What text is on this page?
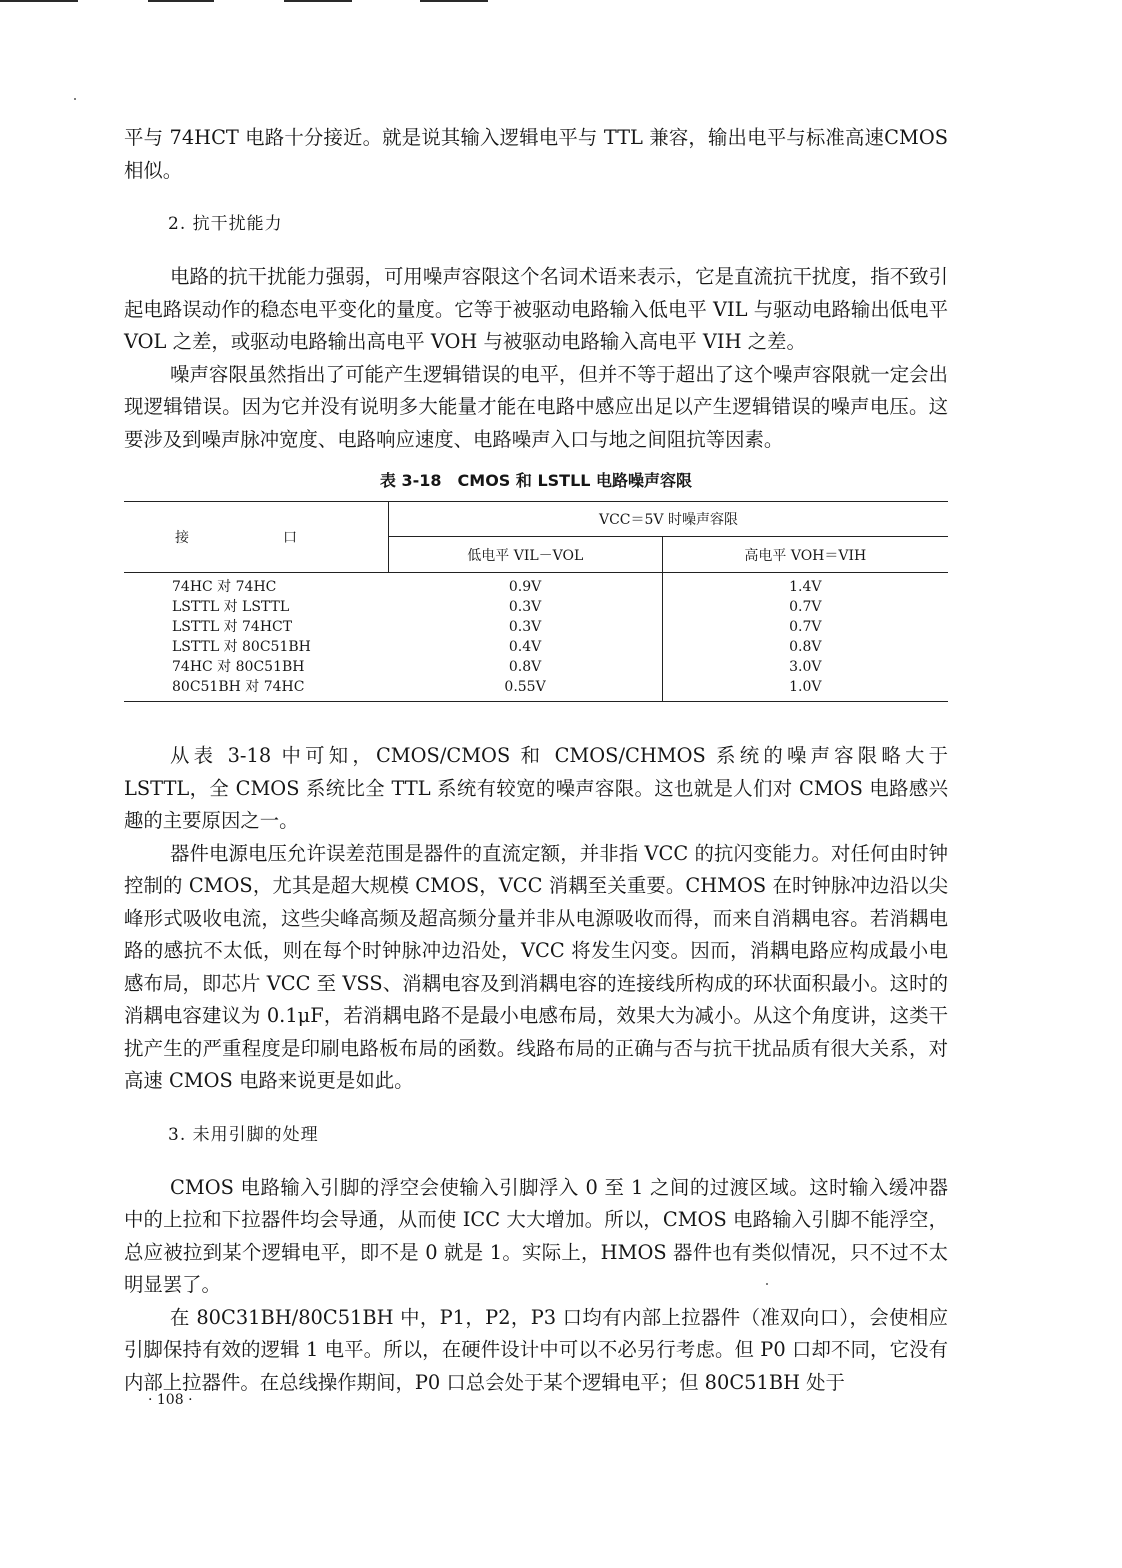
平与 74HCT 电路十分接近。就是说其输入逻辑电平与 TTL 兼容，输出电平与标准高速CMOS 相似。

2. 抗干扰能力

电路的抗干扰能力强弱，可用噪声容限这个名词术语来表示，它是直流抗干扰度，指不致引起电路误动作的稳态电平变化的量度。它等于被驱动电路输入低电平 VIL 与驱动电路输出低电平 VOL 之差，或驱动电路输出高电平 VOH 与被驱动电路输入高电平 VIH 之差。

噪声容限虽然指出了可能产生逻辑错误的电平，但并不等于超出了这个噪声容限就一定会出现逻辑错误。因为它并没有说明多大能量才能在电路中感应出足以产生逻辑错误的噪声电压。这要涉及到噪声脉冲宽度、电路响应速度、电路噪声入口与地之间阻抗等因素。

表 3-18　CMOS 和 LSTLL 电路噪声容限
接　口	VCC＝5V 时噪声容限	
	低电平 VIL－VOL	高电平 VOH＝VIH
74HC 对 74HC	0.9V	1.4V
LSTTL 对 LSTTL	0.3V	0.7V
LSTTL 对 74HCT	0.3V	0.7V
LSTTL 对 80C51BH	0.4V	0.8V
74HC 对 80C51BH	0.8V	3.0V
80C51BH 对 74HC	0.55V	1.0V

从表 3-18 中可知，CMOS/CMOS 和 CMOS/CHMOS 系统的噪声容限略大于 LSTTL，全 CMOS 系统比全 TTL 系统有较宽的噪声容限。这也就是人们对 CMOS 电路感兴趣的主要原因之一。

器件电源电压允许误差范围是器件的直流定额，并非指 VCC 的抗闪变能力。对任何由时钟控制的 CMOS，尤其是超大规模 CMOS，VCC 消耦至关重要。CHMOS 在时钟脉冲边沿以尖峰形式吸收电流，这些尖峰高频及超高频分量并非从电源吸收而得，而来自消耦电容。若消耦电路的感抗不太低，则在每个时钟脉冲边沿处，VCC 将发生闪变。因而，消耦电路应构成最小电感布局，即芯片 VCC 至 VSS、消耦电容及到消耦电容的连接线所构成的环状面积最小。这时的消耦电容建议为 0.1μF，若消耦电路不是最小电感布局，效果大为减小。从这个角度讲，这类干扰产生的严重程度是印刷电路板布局的函数。线路布局的正确与否与抗干扰品质有很大关系，对高速 CMOS 电路来说更是如此。

3. 未用引脚的处理

CMOS 电路输入引脚的浮空会使输入引脚浮入 0 至 1 之间的过渡区域。这时输入缓冲器中的上拉和下拉器件均会导通，从而使 ICC 大大增加。所以，CMOS 电路输入引脚不能浮空，总应被拉到某个逻辑电平，即不是 0 就是 1。实际上，HMOS 器件也有类似情况，只不过不太明显罢了。

在 80C31BH/80C51BH 中，P1，P2，P3 口均有内部上拉器件（准双向口），会使相应引脚保持有效的逻辑 1 电平。所以，在硬件设计中可以不必另行考虑。但 P0 口却不同，它没有内部上拉器件。在总线操作期间，P0 口总会处于某个逻辑电平；但 80C51BH 处于

· 108 ·
